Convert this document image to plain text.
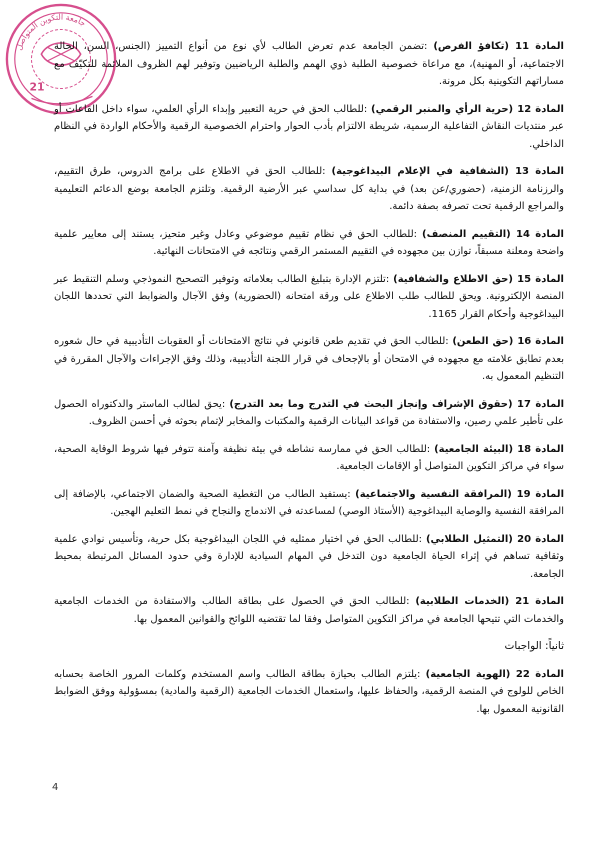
جامعة التكوين المتواصل
21

المادة 11 (تكافؤ الفرص) :تضمن الجامعة عدم تعرض الطالب لأي نوع من أنواع التمييز (الجنس، السن، الحالة الاجتماعية، أو المهنية)، مع مراعاة خصوصية الطلبة ذوي الهمم والطلبة الرياضيين وتوفير لهم الظروف الملائمة للتكيّف مع مساراتهم التكوينية بكل مرونة.

المادة 12 (حرية الرأي والمنبر الرقمي) :للطالب الحق في حرية التعبير وإبداء الرأي العلمي، سواء داخل القاعات أو عبر منتديات النقاش التفاعلية الرسمية، شريطة الالتزام بأدب الحوار واحترام الخصوصية الرقمية والأحكام الواردة في النظام الداخلي.

المادة 13 (الشفافية في الإعلام البيداغوجية) :للطالب الحق في الاطلاع على برامج الدروس، طرق التقييم، والرزنامة الزمنية، (حضوري/عن بعد) في بداية كل سداسي عبر الأرضية الرقمية. وتلتزم الجامعة بوضع الدعائم التعليمية والمراجع الرقمية تحت تصرفه بصفة دائمة.

المادة 14 (التقييم المنصف) :للطالب الحق في نظام تقييم موضوعي وعادل وغير متحيز، يستند إلى معايير علمية واضحة ومعلنة مسبقاً، توازن بين مجهوده في التقييم المستمر الرقمي ونتائجه في الامتحانات النهائية.

المادة 15 (حق الاطلاع والشفافية) :تلتزم الإدارة بتبليغ الطالب بعلاماته وتوفير التصحيح النموذجي وسلم التنقيط عبر المنصة الإلكترونية. ويحق للطالب طلب الاطلاع على ورقة امتحانه (الحضورية) وفق الآجال والضوابط التي تحددها اللجان البيداغوجية وأحكام القرار 1165.

المادة 16 (حق الطعن) :للطالب الحق في تقديم طعن قانوني في نتائج الامتحانات أو العقوبات التأديبية في حال شعوره بعدم تطابق علامته مع مجهوده في الامتحان أو بالإجحاف في قرار اللجنة التأديبية، وذلك وفق الإجراءات والآجال المقررة في التنظيم المعمول به.

المادة 17 (حقوق الإشراف وإنجاز البحث في التدرج وما بعد التدرج) :يحق لطالب الماستر والدكتوراه الحصول على تأطير علمي رصين، والاستفادة من قواعد البيانات الرقمية والمكتبات والمخابر لإتمام بحوثه في أحسن الظروف.

المادة 18 (البيئة الجامعية) :للطالب الحق في ممارسة نشاطه في بيئة نظيفة وآمنة تتوفر فيها شروط الوقاية الصحية، سواء في مراكز التكوين المتواصل أو الإقامات الجامعية.

المادة 19 (المرافقة النفسية والاجتماعية) :يستفيد الطالب من التغطية الصحية والضمان الاجتماعي، بالإضافة إلى المرافقة النفسية والوصاية البيداغوجية (الأستاذ الوصي) لمساعدته في الاندماج والنجاح في نمط التعليم الهجين.

المادة 20 (التمثيل الطلابي) :للطالب الحق في اختيار ممثليه في اللجان البيداغوجية بكل حرية، وتأسيس نوادي علمية وثقافية تساهم في إثراء الحياة الجامعية دون التدخل في المهام السيادية للإدارة وفي حدود المسائل المرتبطة بمحيط الجامعة.

المادة 21 (الخدمات الطلابية) :للطالب الحق في الحصول على بطاقة الطالب والاستفادة من الخدمات الجامعية والخدمات التي تتيحها الجامعة في مراكز التكوين المتواصل وفقا لما تقتضيه اللوائح والقوانين المعمول بها.

ثانياً: الواجبات

المادة 22 (الهوية الجامعية) :يلتزم الطالب بحيازة بطاقة الطالب واسم المستخدم وكلمات المرور الخاصة بحسابه الخاص للولوج في المنصة الرقمية، والحفاظ عليها، واستعمال الخدمات الجامعية (الرقمية والمادية) بمسؤولية ووفق الضوابط القانونية المعمول بها.

4
